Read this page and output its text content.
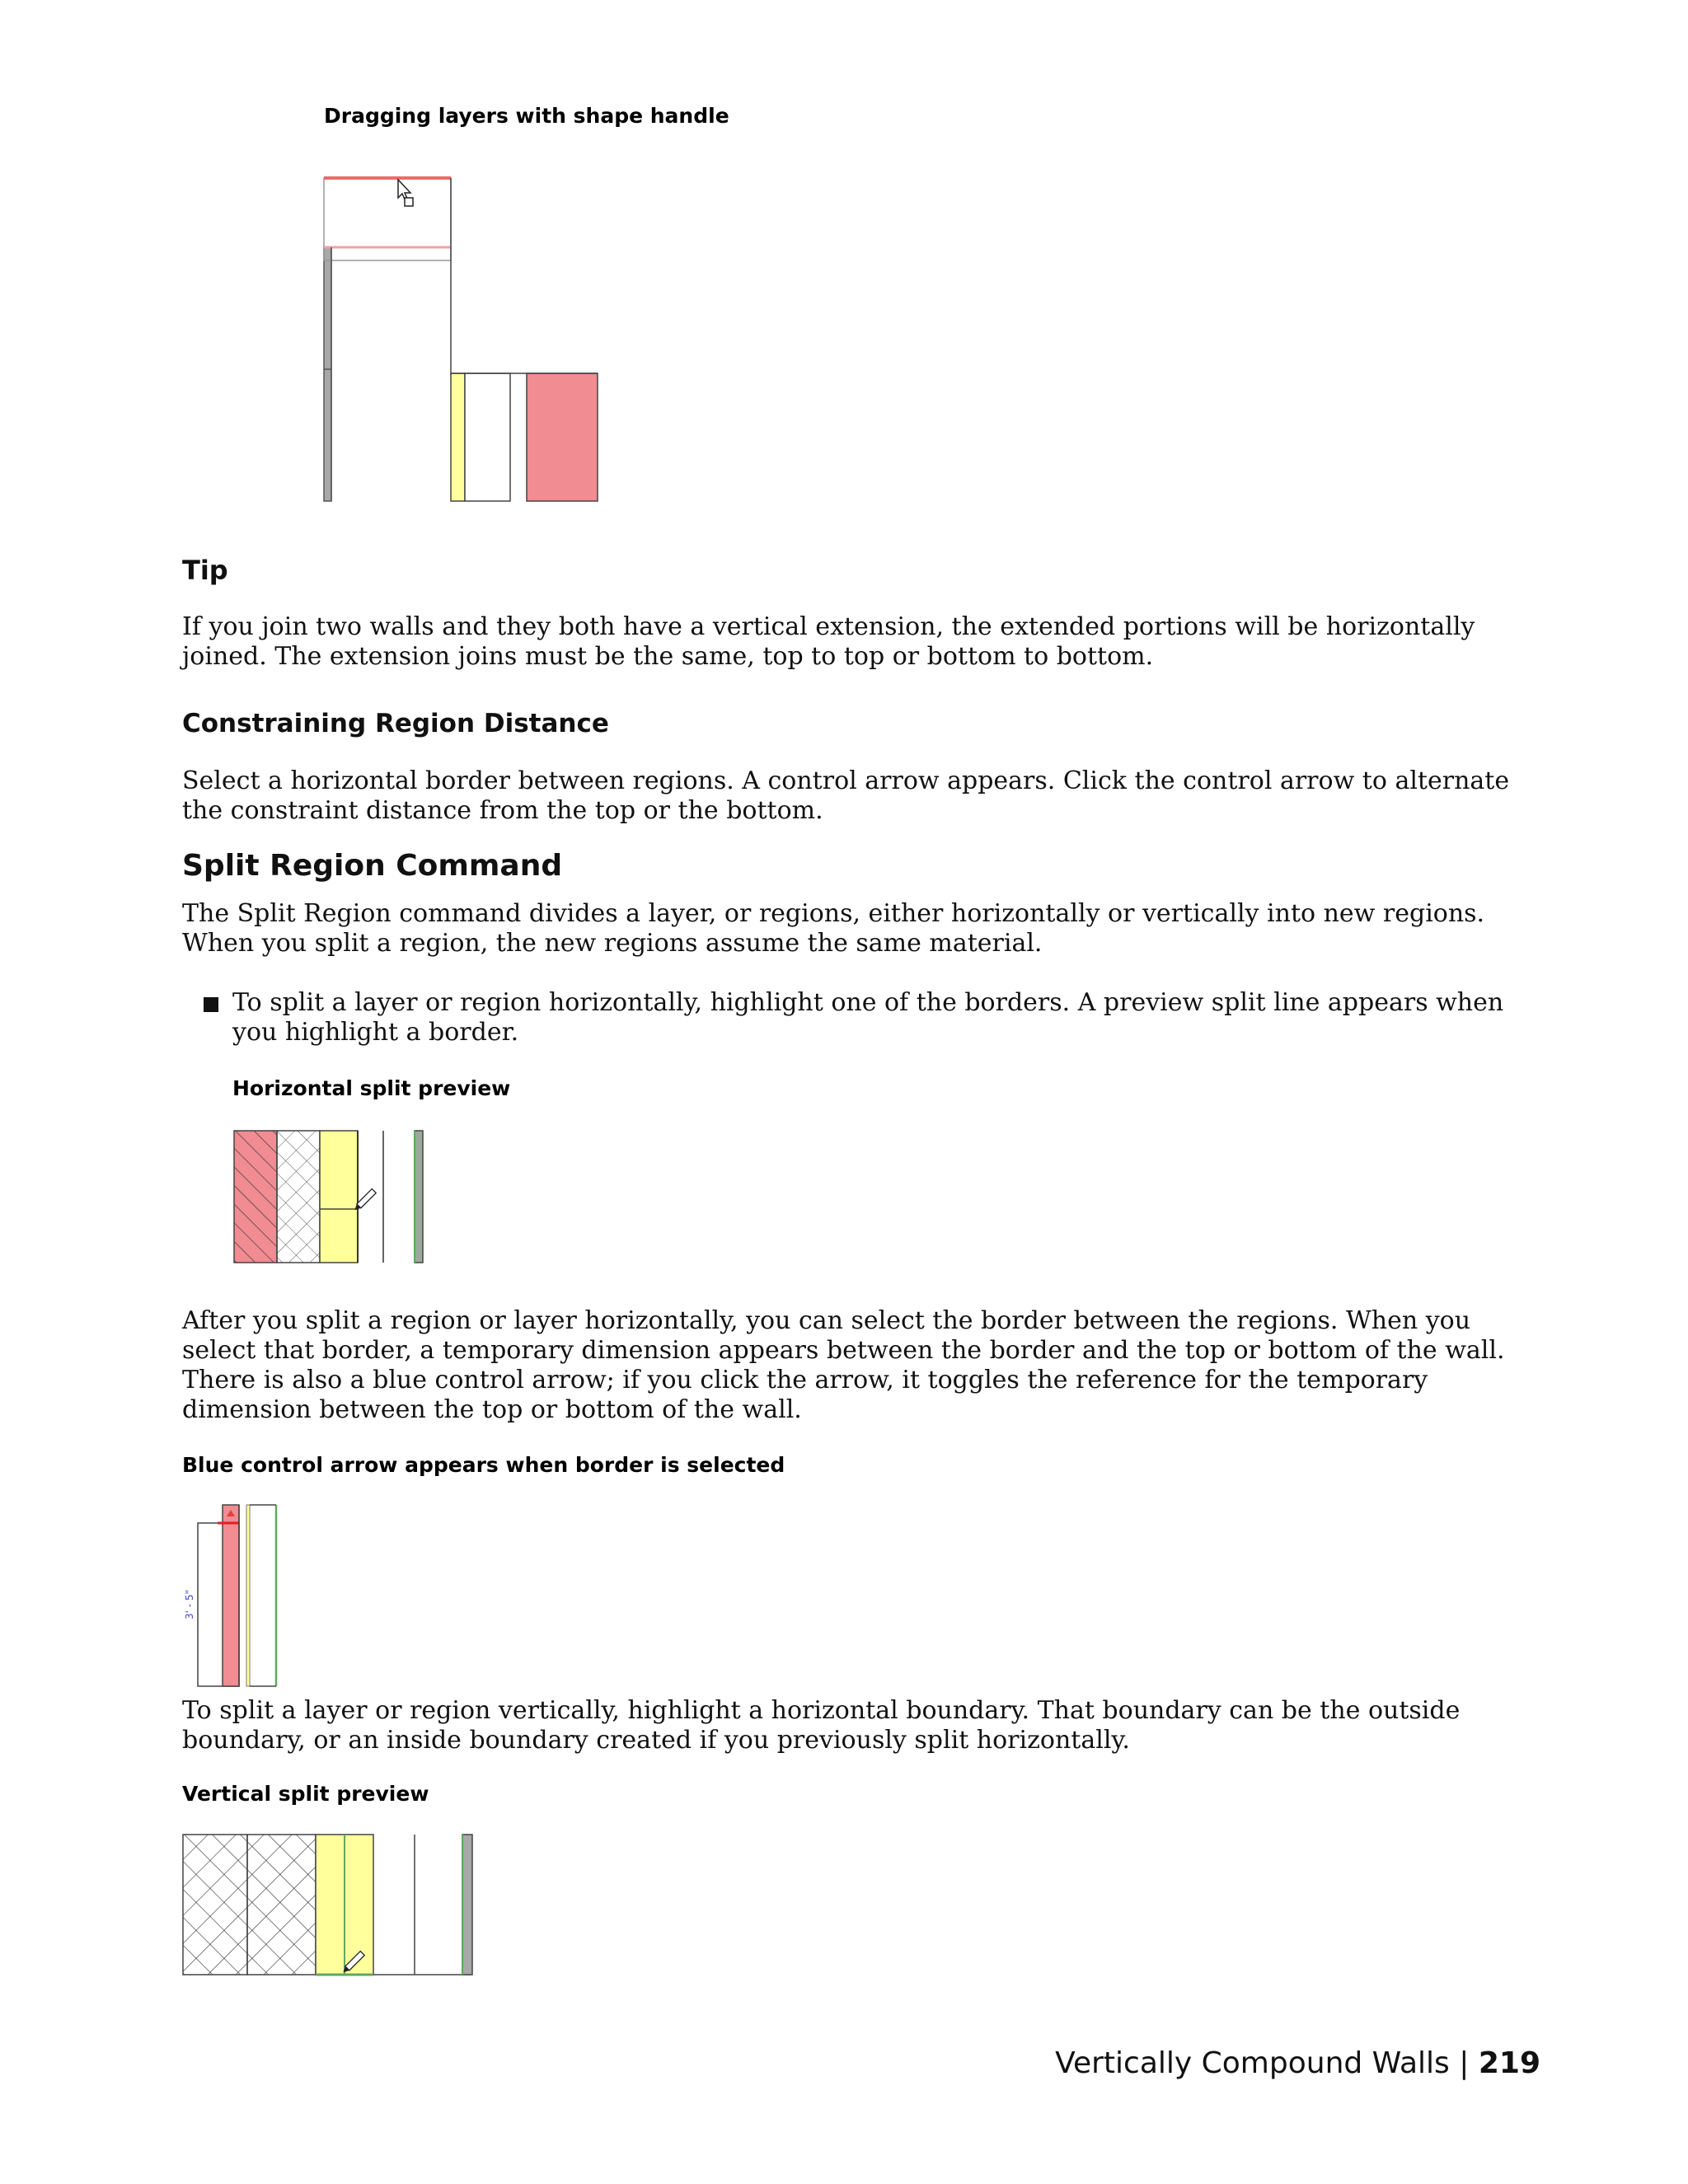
Dragging layers with shape handle
Tip
If you join two walls and they both have a vertical extension, the extended portions will be horizontally joined. The extension joins must be the same, top to top or bottom to bottom.
Constraining Region Distance
Select a horizontal border between regions. A control arrow appears. Click the control arrow to alternate the constraint distance from the top or the bottom.
Split Region Command
The Split Region command divides a layer, or regions, either horizontally or vertically into new regions. When you split a region, the new regions assume the same material.
To split a layer or region horizontally, highlight one of the borders. A preview split line appears when you highlight a border.
Horizontal split preview
After you split a region or layer horizontally, you can select the border between the regions. When you select that border, a temporary dimension appears between the border and the top or bottom of the wall. There is also a blue control arrow; if you click the arrow, it toggles the reference for the temporary dimension between the top or bottom of the wall.
Blue control arrow appears when border is selected
3' - 5"
To split a layer or region vertically, highlight a horizontal boundary. That boundary can be the outside boundary, or an inside boundary created if you previously split horizontally.
Vertical split preview
Vertically Compound Walls | 219
